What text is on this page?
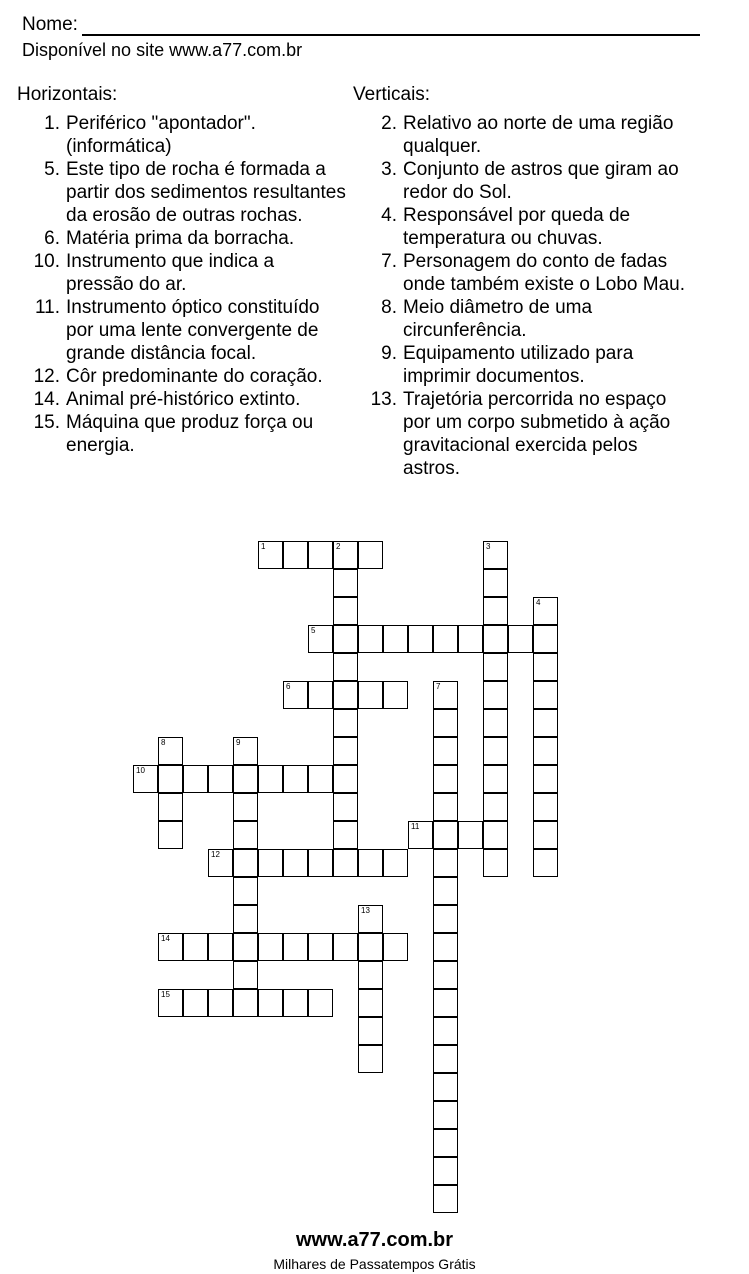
Nome:
Disponível no site www.a77.com.br
Horizontais:	Verticais:
1. Periférico "apontador". (informática)
5. Este tipo de rocha é formada a partir dos sedimentos resultantes da erosão de outras rochas.
6. Matéria prima da borracha.
10. Instrumento que indica a pressão do ar.
11. Instrumento óptico constituído por uma lente convergente de grande distância focal.
12. Côr predominante do coração.
14. Animal pré-histórico extinto.
15. Máquina que produz força ou energia.
2. Relativo ao norte de uma região qualquer.
3. Conjunto de astros que giram ao redor do Sol.
4. Responsável por queda de temperatura ou chuvas.
7. Personagem do conto de fadas onde também existe o Lobo Mau.
8. Meio diâmetro de uma circunferência.
9. Equipamento utilizado para imprimir documentos.
13. Trajetória percorrida no espaço por um corpo submetido à ação gravitacional exercida pelos astros.
1	2
5
6
10
11
12
14
15
3
4
7
8	9
13
www.a77.com.br
Milhares de Passatempos Grátis
